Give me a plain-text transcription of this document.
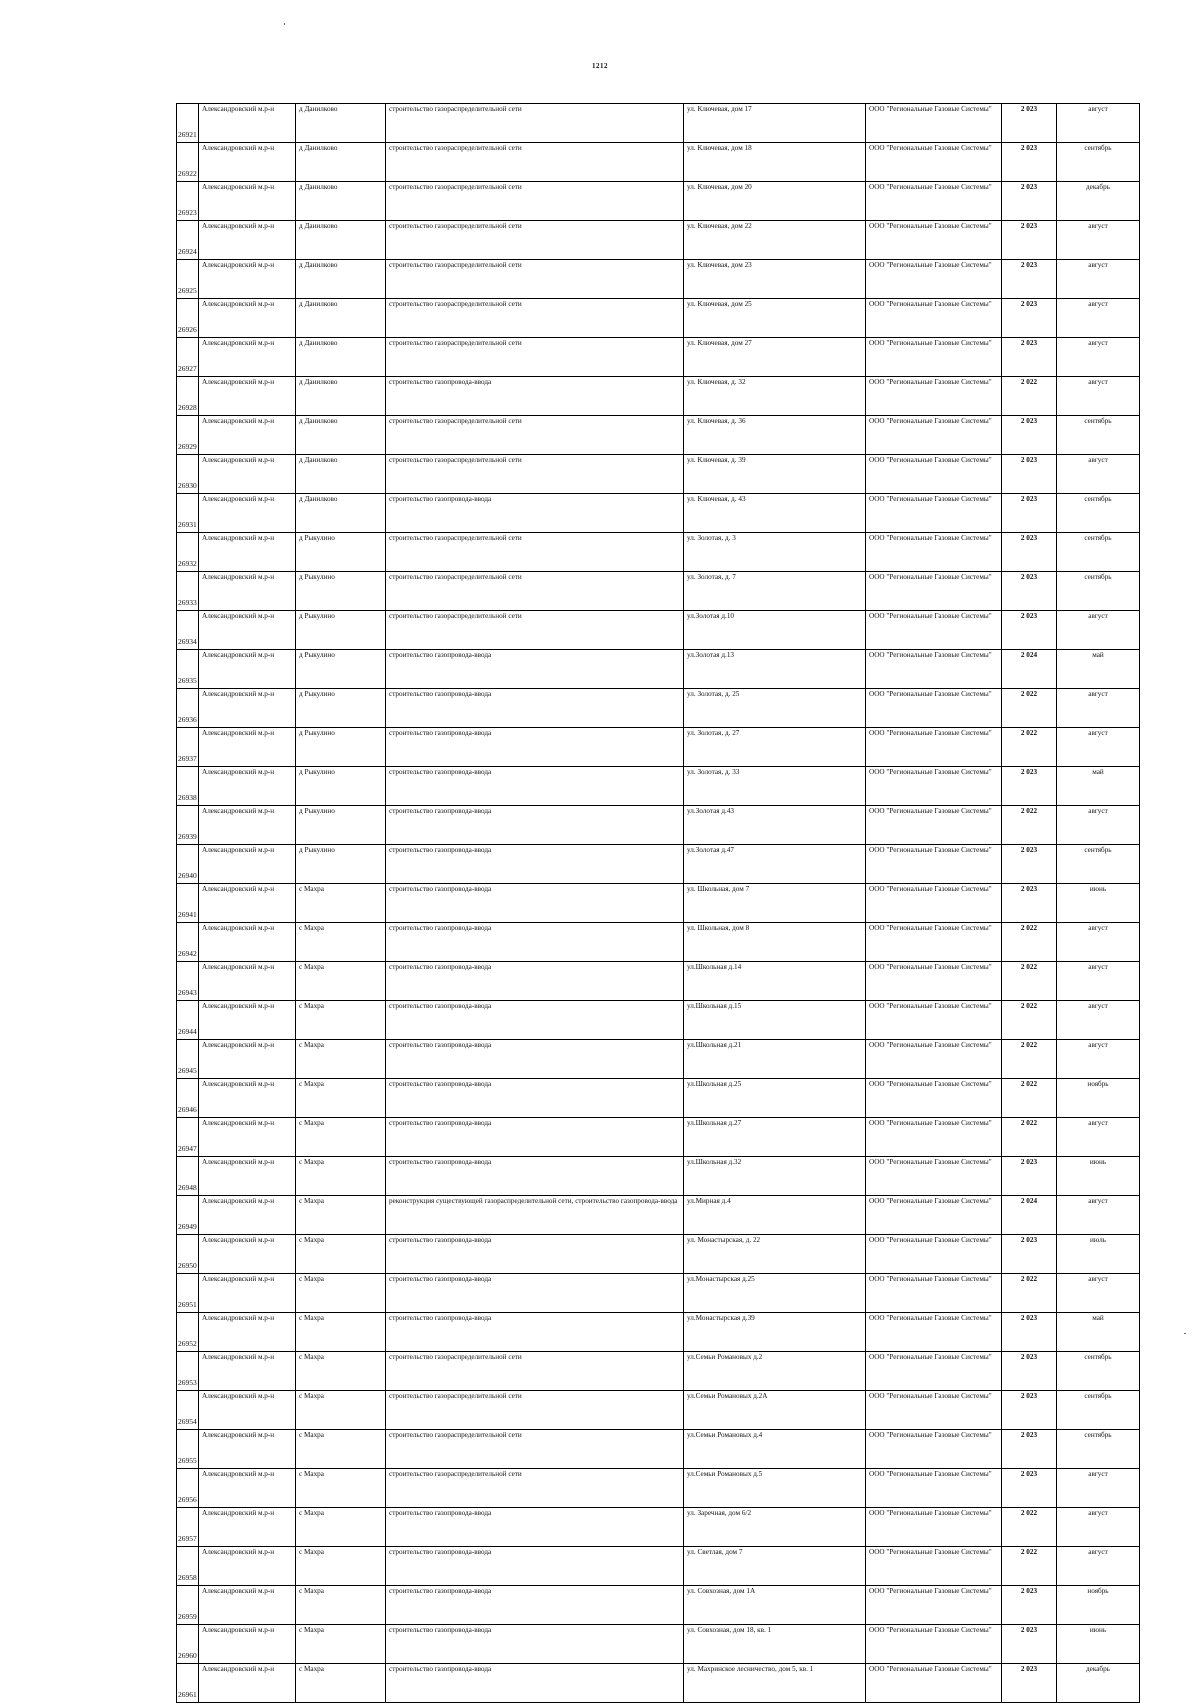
1212
26921	Александровский м.р-н	д Данилково	строительство газораспределительной сети	ул. Ключевая, дом 17	ООО "Региональные Газовые Системы"	2 023	август
26922	Александровский м.р-н	д Данилково	строительство газораспределительной сети	ул. Ключевая, дом 18	ООО "Региональные Газовые Системы"	2 023	сентябрь
26923	Александровский м.р-н	д Данилково	строительство газораспределительной сети	ул. Ключевая, дом 20	ООО "Региональные Газовые Системы"	2 023	декабрь
26924	Александровский м.р-н	д Данилково	строительство газораспределительной сети	ул. Ключевая, дом 22	ООО "Региональные Газовые Системы"	2 023	август
26925	Александровский м.р-н	д Данилково	строительство газораспределительной сети	ул. Ключевая, дом 23	ООО "Региональные Газовые Системы"	2 023	август
26926	Александровский м.р-н	д Данилково	строительство газораспределительной сети	ул. Ключевая, дом 25	ООО "Региональные Газовые Системы"	2 023	август
26927	Александровский м.р-н	д Данилково	строительство газораспределительной сети	ул. Ключевая, дом 27	ООО "Региональные Газовые Системы"	2 023	август
26928	Александровский м.р-н	д Данилково	строительство газопровода-ввода	ул. Ключевая, д. 32	ООО "Региональные Газовые Системы"	2 022	август
26929	Александровский м.р-н	д Данилково	строительство газораспределительной сети	ул. Ключевая, д. 36	ООО "Региональные Газовые Системы"	2 023	сентябрь
26930	Александровский м.р-н	д Данилково	строительство газораспределительной сети	ул. Ключевая, д. 39	ООО "Региональные Газовые Системы"	2 023	август
26931	Александровский м.р-н	д Данилково	строительство газопровода-ввода	ул. Ключевая, д. 43	ООО "Региональные Газовые Системы"	2 023	сентябрь
26932	Александровский м.р-н	д Рыкулино	строительство газораспределительной сети	ул. Золотая, д. 3	ООО "Региональные Газовые Системы"	2 023	сентябрь
26933	Александровский м.р-н	д Рыкулино	строительство газораспределительной сети	ул. Золотая, д. 7	ООО "Региональные Газовые Системы"	2 023	сентябрь
26934	Александровский м.р-н	д Рыкулино	строительство газораспределительной сети	ул.Золотая д.10	ООО "Региональные Газовые Системы"	2 023	август
26935	Александровский м.р-н	д Рыкулино	строительство газопровода-ввода	ул.Золотая д.13	ООО "Региональные Газовые Системы"	2 024	май
26936	Александровский м.р-н	д Рыкулино	строительство газопровода-ввода	ул. Золотая, д. 25	ООО "Региональные Газовые Системы"	2 022	август
26937	Александровский м.р-н	д Рыкулино	строительство газопровода-ввода	ул. Золотая, д. 27	ООО "Региональные Газовые Системы"	2 022	август
26938	Александровский м.р-н	д Рыкулино	строительство газопровода-ввода	ул. Золотая, д. 33	ООО "Региональные Газовые Системы"	2 023	май
26939	Александровский м.р-н	д Рыкулино	строительство газопровода-ввода	ул.Золотая д.43	ООО "Региональные Газовые Системы"	2 022	август
26940	Александровский м.р-н	д Рыкулино	строительство газопровода-ввода	ул.Золотая д.47	ООО "Региональные Газовые Системы"	2 023	сентябрь
26941	Александровский м.р-н	с Махра	строительство газопровода-ввода	ул. Школьная, дом 7	ООО "Региональные Газовые Системы"	2 023	июнь
26942	Александровский м.р-н	с Махра	строительство газопровода-ввода	ул. Школьная, дом 8	ООО "Региональные Газовые Системы"	2 022	август
26943	Александровский м.р-н	с Махра	строительство газопровода-ввода	ул.Школьная д.14	ООО "Региональные Газовые Системы"	2 022	август
26944	Александровский м.р-н	с Махра	строительство газопровода-ввода	ул.Школьная д.15	ООО "Региональные Газовые Системы"	2 022	август
26945	Александровский м.р-н	с Махра	строительство газопровода-ввода	ул.Школьная д.21	ООО "Региональные Газовые Системы"	2 022	август
26946	Александровский м.р-н	с Махра	строительство газопровода-ввода	ул.Школьная д.25	ООО "Региональные Газовые Системы"	2 022	ноябрь
26947	Александровский м.р-н	с Махра	строительство газопровода-ввода	ул.Школьная д.27	ООО "Региональные Газовые Системы"	2 022	август
26948	Александровский м.р-н	с Махра	строительство газопровода-ввода	ул.Школьная д.32	ООО "Региональные Газовые Системы"	2 023	июнь
26949	Александровский м.р-н	с Махра	реконструкция существующей газораспределительной сети, строительство газопровода-ввода	ул.Мирная д.4	ООО "Региональные Газовые Системы"	2 024	август
26950	Александровский м.р-н	с Махра	строительство газопровода-ввода	ул. Монастырская, д. 22	ООО "Региональные Газовые Системы"	2 023	июль
26951	Александровский м.р-н	с Махра	строительство газопровода-ввода	ул.Монастырская д.25	ООО "Региональные Газовые Системы"	2 022	август
26952	Александровский м.р-н	с Махра	строительство газопровода-ввода	ул.Монастырская д.39	ООО "Региональные Газовые Системы"	2 023	май
26953	Александровский м.р-н	с Махра	строительство газораспределительной сети	ул.Семьи Романовых д.2	ООО "Региональные Газовые Системы"	2 023	сентябрь
26954	Александровский м.р-н	с Махра	строительство газораспределительной сети	ул.Семьи Романовых д.2А	ООО "Региональные Газовые Системы"	2 023	сентябрь
26955	Александровский м.р-н	с Махра	строительство газораспределительной сети	ул.Семьи Романовых д.4	ООО "Региональные Газовые Системы"	2 023	сентябрь
26956	Александровский м.р-н	с Махра	строительство газораспределительной сети	ул.Семьи Романовых д.5	ООО "Региональные Газовые Системы"	2 023	август
26957	Александровский м.р-н	с Махра	строительство газопровода-ввода	ул. Заречная, дом 6/2	ООО "Региональные Газовые Системы"	2 022	август
26958	Александровский м.р-н	с Махра	строительство газопровода-ввода	ул. Светлая, дом 7	ООО "Региональные Газовые Системы"	2 022	август
26959	Александровский м.р-н	с Махра	строительство газопровода-ввода	ул. Совхозная, дом 1А	ООО "Региональные Газовые Системы"	2 023	ноябрь
26960	Александровский м.р-н	с Махра	строительство газопровода-ввода	ул. Совхозная, дом 18, кв. 1	ООО "Региональные Газовые Системы"	2 023	июнь
26961	Александровский м.р-н	с Махра	строительство газопровода-ввода	ул. Махринское лесничество, дом 5, кв. 1	ООО "Региональные Газовые Системы"	2 023	декабрь
